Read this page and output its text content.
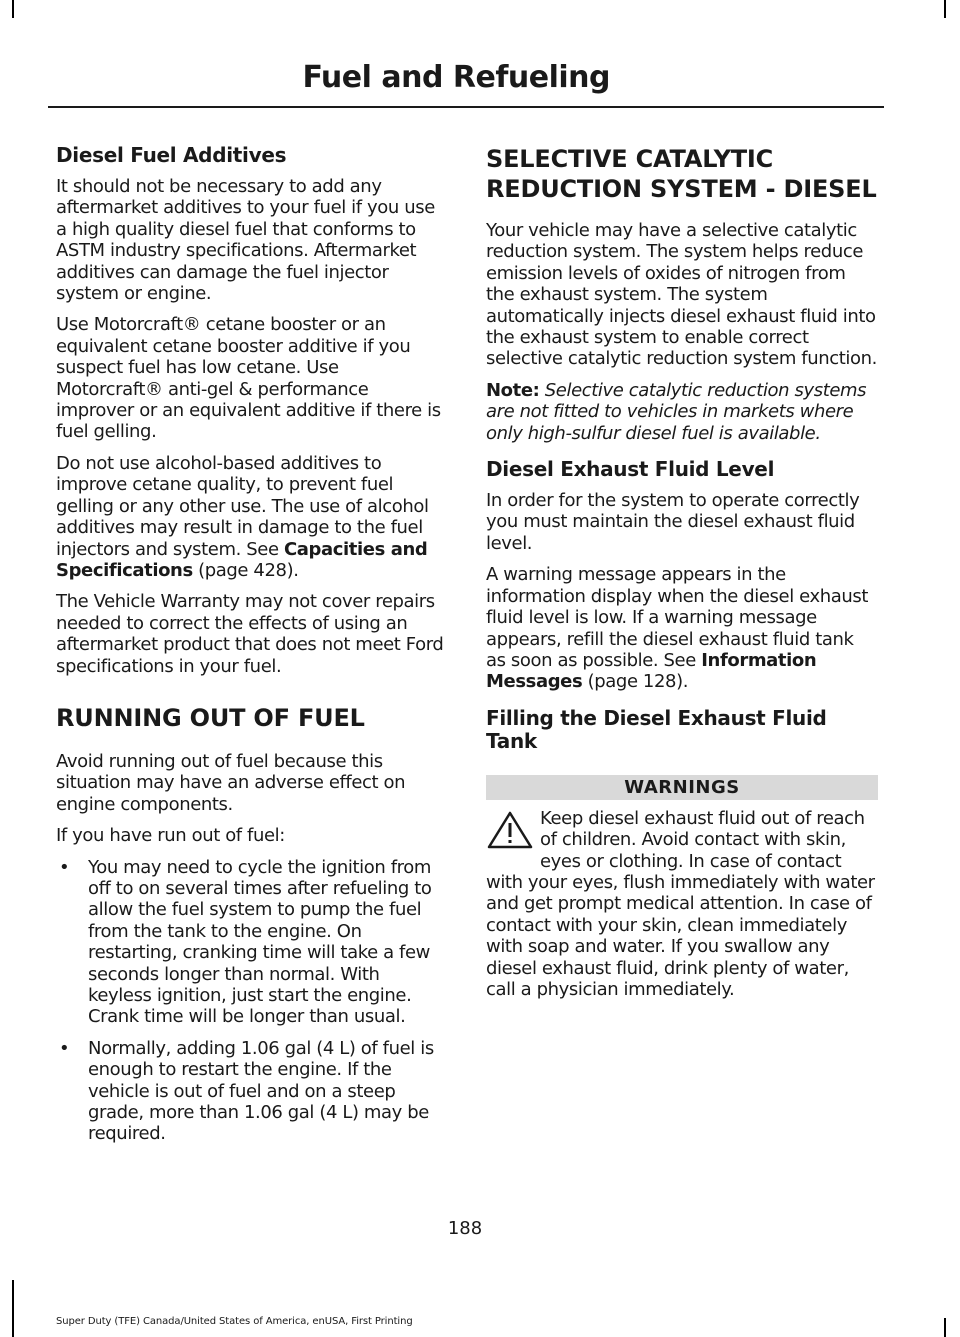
Fuel and Refueling
Diesel Fuel Additives

It should not be necessary to add any aftermarket additives to your fuel if you use a high quality diesel fuel that conforms to ASTM industry specifications. Aftermarket additives can damage the fuel injector system or engine.

Use Motorcraft® cetane booster or an equivalent cetane booster additive if you suspect fuel has low cetane. Use Motorcraft® anti-gel & performance improver or an equivalent additive if there is fuel gelling.

Do not use alcohol-based additives to improve cetane quality, to prevent fuel gelling or any other use. The use of alcohol additives may result in damage to the fuel injectors and system. See Capacities and Specifications (page 428).

The Vehicle Warranty may not cover repairs needed to correct the effects of using an aftermarket product that does not meet Ford specifications in your fuel.

RUNNING OUT OF FUEL

Avoid running out of fuel because this situation may have an adverse effect on engine components.

If you have run out of fuel:

• You may need to cycle the ignition from off to on several times after refueling to allow the fuel system to pump the fuel from the tank to the engine. On restarting, cranking time will take a few seconds longer than normal. With keyless ignition, just start the engine. Crank time will be longer than usual.
• Normally, adding 1.06 gal (4 L) of fuel is enough to restart the engine. If the vehicle is out of fuel and on a steep grade, more than 1.06 gal (4 L) may be required.
SELECTIVE CATALYTIC
REDUCTION SYSTEM - DIESEL

Your vehicle may have a selective catalytic reduction system. The system helps reduce emission levels of oxides of nitrogen from the exhaust system. The system automatically injects diesel exhaust fluid into the exhaust system to enable correct selective catalytic reduction system function.

Note: Selective catalytic reduction systems are not fitted to vehicles in markets where only high-sulfur diesel fuel is available.

Diesel Exhaust Fluid Level

In order for the system to operate correctly you must maintain the diesel exhaust fluid level.

A warning message appears in the information display when the diesel exhaust fluid level is low. If a warning message appears, refill the diesel exhaust fluid tank as soon as possible. See Information Messages (page 128).

Filling the Diesel Exhaust Fluid Tank
WARNINGS
Keep diesel exhaust fluid out of reach of children. Avoid contact with skin, eyes or clothing. In case of contact with your eyes, flush immediately with water and get prompt medical attention. In case of contact with your skin, clean immediately with soap and water. If you swallow any diesel exhaust fluid, drink plenty of water, call a physician immediately.
188
Super Duty (TFE) Canada/United States of America, enUSA, First Printing
